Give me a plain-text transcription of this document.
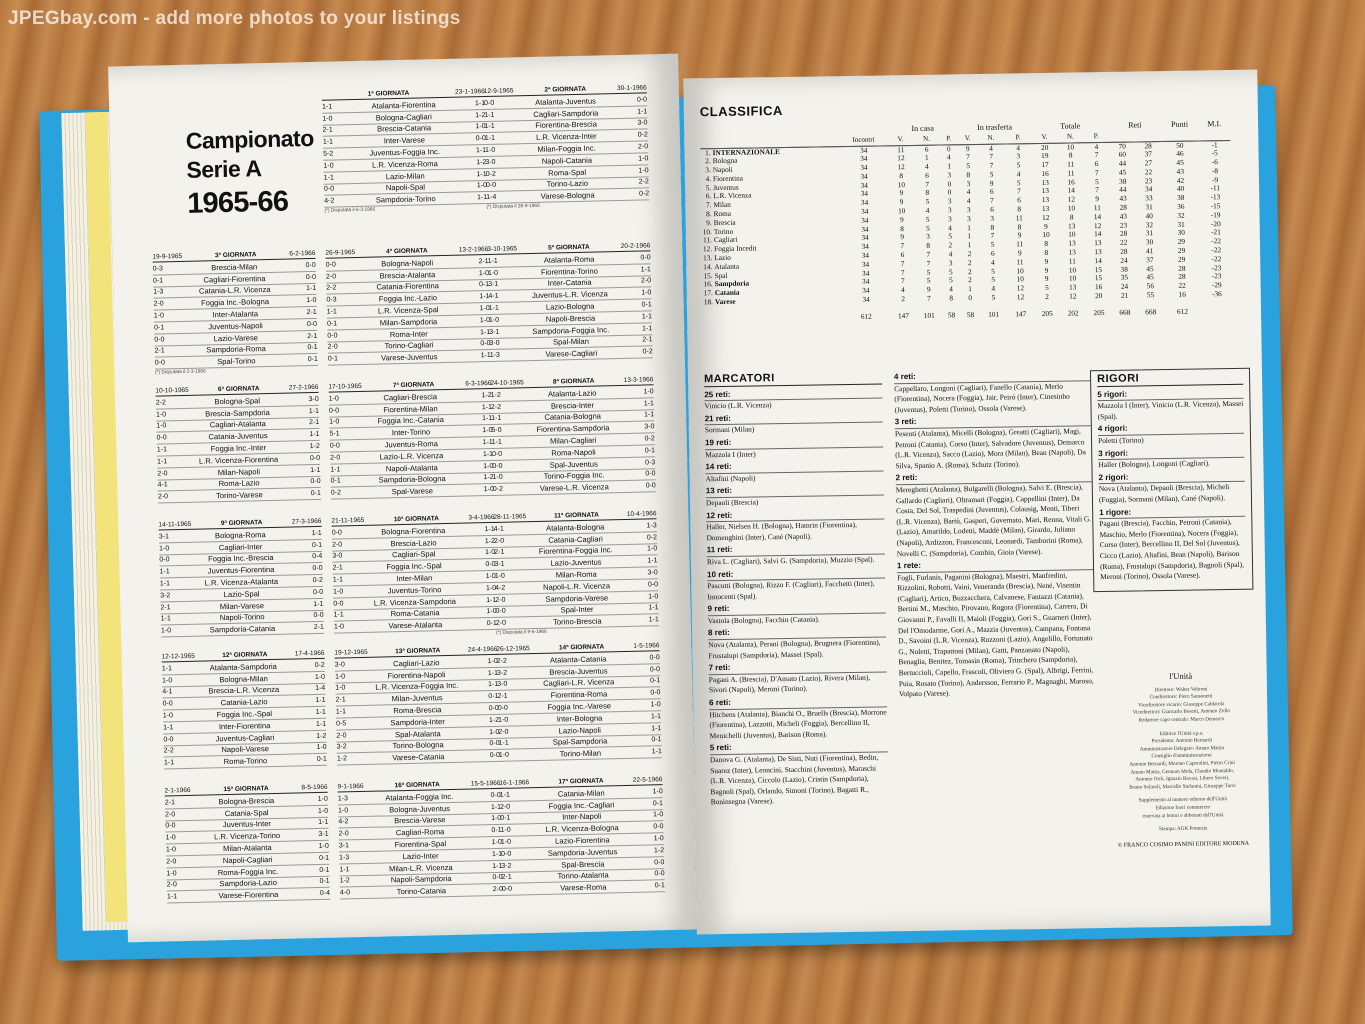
JPEGbay.com - add more photos to your listings
Campionato
Serie A
1965-66
1ª GIORNATA	23-1-1966
1-1	Atalanta-Fiorentina	1-1
1-0	Bologna-Cagliari	1-2
2-1	Brescia-Catania	1-0
1-1	Inter-Varese	0-0
5-2	Juventus-Foggia Inc.	1-1
1-0	L.R. Vicenza-Roma	1-2
1-1	Lazio-Milan	1-1
0-0	Napoli-Spal	1-0
4-2	Sampdoria-Torino	1-1
(*) Disputata il 6-3-1966
12-9-1965	2ª GIORNATA	30-1-1966
0-0	Atalanta-Juventus	0-0
1-1	Cagliari-Sampdoria	1-1
1-1	Fiorentina-Brescia	3-0
1-1	L.R. Vicenza-Inter	0-2
1-0	Milan-Foggia Inc.	2-0
3-0	Napoli-Catania	1-0
0-2	Roma-Spal	1-0
0-0	Torino-Lazio	2-2
1-4	Varese-Bologna	0-2
(*) Disputata il 28-9-1966
19-9-1965	3ª GIORNATA	6-2-1966
0-3	Brescia-Milan	0-0
0-1	Cagliari-Fiorentina	0-0
1-3	Catania-L.R. Vicenza	1-1
2-0	Foggia Inc.-Bologna	1-0
1-0	Inter-Atalanta	2-1
0-1	Juventus-Napoli	0-0
0-0	Lazio-Varese	2-1
2-1	Sampdoria-Roma	0-1
0-0	Spal-Torino	0-1
(*) Disputata il 2-3-1966
26-9-1965	4ª GIORNATA	13-2-1966
0-0	Bologna-Napoli	2-1
2-0	Brescia-Atalanta	1-0
2-2	Catania-Fiorentina	0-1
0-3	Foggia Inc.-Lazio	1-1
1-1	L.R. Vicenza-Spal	1-0
0-1	Milan-Sampdoria	1-0
0-0	Roma-Inter	1-1
2-0	Torino-Cagliari	0-0
0-1	Varese-Juventus	1-1
3-10-1965	5ª GIORNATA	20-2-1966
1-1	Atalanta-Roma	0-0
1-0	Fiorentina-Torino	1-1
3-1	Inter-Catania	2-0
4-1	Juventus-L.R. Vicenza	1-0
1-1	Lazio-Bologna	0-1
1-0	Napoli-Brescia	1-1
3-1	Sampdoria-Foggia Inc.	1-1
3-0	Spal-Milan	2-1
1-3	Varese-Cagliari	0-2
10-10-1965	6ª GIORNATA	27-2-1966
2-2	Bologna-Spal	3-0
1-0	Brescia-Sampdoria	1-1
1-0	Cagliari-Atalanta	2-1
0-0	Catania-Juventus	1-1
1-1	Foggia Inc.-Inter	1-2
1-1	L.R. Vicenza-Fiorentina	0-0
2-0	Milan-Napoli	1-1
4-1	Roma-Lazio	0-0
2-0	Torino-Varese	0-1
17-10-1965	7ª GIORNATA	6-3-1966
1-0	Cagliari-Brescia	1-2
0-0	Fiorentina-Milan	1-1
1-0	Foggia Inc.-Catania	1-1
5-1	Inter-Torino	1-0
0-0	Juventus-Roma	1-1
2-0	Lazio-L.R. Vicenza	1-1
1-1	Napoli-Atalanta	1-0
0-1	Sampdoria-Bologna	1-2
0-2	Spal-Varese	1-0
24-10-1965	8ª GIORNATA	13-3-1966
1-2	Atalanta-Lazio	1-0
2-2	Brescia-Inter	1-1
1-1	Catania-Bologna	1-1
5-0	Fiorentina-Sampdoria	3-0
1-1	Milan-Cagliari	0-2
0-0	Roma-Napoli	0-1
0-0	Spal-Juventus	0-3
1-0	Torino-Foggia Inc.	0-0
0-2	Varese-L.R. Vicenza	0-0
14-11-1965	9ª GIORNATA	27-3-1966
3-1	Bologna-Roma	1-1
1-0	Cagliari-Inter	0-1
0-0	Foggia Inc.-Brescia	0-4
1-1	Juventus-Fiorentina	0-0
1-1	L.R. Vicenza-Atalanta	0-2
3-2	Lazio-Spal	0-0
2-1	Milan-Varese	1-1
1-1	Napoli-Torino	0-0
1-0	Sampdoria-Catania	2-1
21-11-1965	10ª GIORNATA	3-4-1966
0-0	Bologna-Fiorentina	1-1
2-0	Brescia-Lazio	1-2
3-0	Cagliari-Spal	1-0
2-1	Foggia Inc.-Spal	0-0
1-1	Inter-Milan	1-0
1-0	Juventus-Torino	1-0
0-0	L.R. Vicenza-Sampdoria	1-1
1-1	Roma-Catania	1-0
1-0	Varese-Atalanta	0-1
28-11-1965	11ª GIORNATA	10-4-1966
4-1	Atalanta-Bologna	1-3
2-0	Catania-Cagliari	0-2
2-1	Fiorentina-Foggia Inc.	1-0
3-1	Lazio-Juventus	1-1
1-0	Milan-Roma	3-0
4-2	Napoli-L.R. Vicenza	0-0
2-0	Sampdoria-Varese	1-0
0-0	Spal-Inter	1-1
2-0	Torino-Brescia	1-1
(*) Disputata il 9-6-1966
12-12-1965	12ª GIORNATA	17-4-1966
1-1	Atalanta-Sampdoria	0-2
1-0	Bologna-Milan	1-0
4-1	Brescia-L.R. Vicenza	1-4
0-0	Catania-Lazio	1-1
1-0	Foggia Inc.-Spal	1-1
1-1	Inter-Fiorentina	1-1
0-0	Juventus-Cagliari	1-2
2-2	Napoli-Varese	1-0
1-1	Roma-Torino	0-1
19-12-1965	13ª GIORNATA	24-4-1966
3-0	Cagliari-Lazio	1-0
1-0	Fiorentina-Napoli	1-1
1-0	L.R. Vicenza-Foggia Inc.	1-1
2-1	Milan-Juventus	0-1
1-1	Roma-Brescia	0-0
0-5	Sampdoria-Inter	1-2
2-0	Spal-Atalanta	1-0
3-2	Torino-Bologna	0-0
1-2	Varese-Catania	0-0
26-12-1965	14ª GIORNATA	1-5-1966
2-2	Atalanta-Catania	0-0
3-2	Brescia-Juventus	0-0
3-0	Cagliari-L.R. Vicenza	0-1
2-1	Fiorentina-Roma	0-0
0-0	Foggia Inc.-Varese	1-0
1-0	Inter-Bologna	1-1
2-0	Lazio-Napoli	1-1
1-1	Spal-Sampdoria	0-1
1-0	Torino-Milan	1-1
2-1-1966	15ª GIORNATA	8-5-1966
2-1	Bologna-Brescia	1-0
2-0	Catania-Spal	1-0
0-0	Juventus-Inter	1-1
1-0	L.R. Vicenza-Torino	3-1
1-0	Milan-Atalanta	1-0
2-0	Napoli-Cagliari	0-1
1-0	Roma-Foggia Inc.	0-1
2-0	Sampdoria-Lazio	0-1
1-1	Varese-Fiorentina	0-4
9-1-1966	16ª GIORNATA	15-5-1966
1-3	Atalanta-Foggia Inc.	0-0
1-0	Bologna-Juventus	1-1
4-2	Brescia-Varese	1-0
2-0	Cagliari-Roma	0-1
3-1	Fiorentina-Spal	1-0
1-3	Lazio-Inter	1-1
1-1	Milan-L.R. Vicenza	1-1
1-2	Napoli-Sampdoria	0-0
4-0	Torino-Catania	2-0
16-1-1966	17ª GIORNATA	22-5-1966
1-1	Catania-Milan	1-0
2-0	Foggia Inc.-Cagliari	0-1
0-1	Inter-Napoli	1-0
1-0	L.R. Vicenza-Bologna	0-0
1-0	Lazio-Fiorentina	1-0
0-0	Sampdoria-Juventus	1-2
3-2	Spal-Brescia	0-0
2-1	Torino-Atalanta	0-0
0-0	Varese-Roma	0-1
CLASSIFICA
			In casa			In trasferta			Totale			Reti		Punti	M.I.
		Incontri	V.	N.	P.	V.	N.	P.	V.	N.	P.				
1.	INTERNAZIONALE	34	11	6	0	9	4	4	20	10	4	70	28	50	-1
2.	Bologna	34	12	1	4	7	7	3	19	8	7	60	37	46	-5
3.	Napoli	34	12	4	1	5	7	5	17	11	6	44	27	45	-6
4.	Fiorentina	34	8	6	3	8	5	4	16	11	7	45	22	43	-8
5.	Juventus	34	10	7	0	3	9	5	13	16	5	38	23	42	-9
6.	L.R. Vicenza	34	9	8	0	4	6	7	13	14	7	44	34	40	-11
7.	Milan	34	9	5	3	4	7	6	13	12	9	43	33	38	-13
8.	Roma	34	10	4	3	3	6	8	13	10	11	28	31	36	-15
9.	Brescia	34	9	5	3	3	3	11	12	8	14	43	40	32	-19
10.	Torino	34	8	5	4	1	8	8	9	13	12	23	32	31	-20
11.	Cagliari	34	9	3	5	1	7	9	10	10	14	28	31	30	-21
12.	Foggia Incedit	34	7	8	2	1	5	11	8	13	13	22	30	29	-22
13.	Lazio	34	6	7	4	2	6	9	8	13	13	28	41	29	-22
14.	Atalanta	34	7	7	3	2	4	11	9	11	14	24	37	29	-22
15.	Spal	34	7	5	5	2	5	10	9	10	15	38	45	28	-23
16.	Sampdoria	34	7	5	5	2	5	10	9	10	15	35	45	28	-23
17.	Catania	34	4	9	4	1	4	12	5	13	16	24	56	22	-29
18.	Varese	34	2	7	8	0	5	12	2	12	20	21	55	16	-36
		612	147	101	58	58	101	147	205	202	205	668	668	612	
MARCATORI
25 reti:
Vinicio (L.R. Vicenza)
21 reti:
Sormani (Milan)
19 reti:
Mazzola I (Inter)
14 reti:
Altafini (Napoli)
13 reti:
Depaoli (Brescia)
12 reti:
Haller, Nielsen H. (Bologna), Hamrin (Fiorentina), Domenghini (Inter), Cané (Napoli).
11 reti:
Riva L. (Cagliari), Salvi G. (Sampdoria), Muzzio (Spal).
10 reti:
Pascutti (Bologna), Rizzo F. (Cagliari), Facchetti (Inter), Innocenti (Spal).
9 reti:
Vastola (Bologna), Facchin (Catania).
8 reti:
Nova (Atalanta), Perani (Bologna), Brugnera (Fiorentina), Frustalupi (Sampdoria), Massei (Spal).
7 reti:
Pagani A. (Brescia), D'Amato (Lazio), Rivera (Milan), Sivori (Napoli), Meroni (Torino).
6 reti:
Hitchens (Atalanta), Bianchi O., Bruells (Brescia), Morrone (Fiorentina), Lazzotti, Micheli (Foggia), Bercellino II, Menichelli (Juventus), Barison (Roma).
5 reti:
Danova G. (Atalanta), De Sisti, Nuti (Fiorentina), Bedin, Suarez (Inter), Leoncini, Stacchini (Juventus), Maraschi (L.R. Vicenza), Ciccolo (Lazio), Cristin (Sampdoria), Bagnoli (Spal), Orlando, Simoni (Torino), Bagatti R., Boninsegna (Varese).
4 reti:
Cappellaro, Longoni (Cagliari), Fanello (Catania), Merlo (Fiorentina), Nocera (Foggia), Jair, Peiró (Inter), Cinesinho (Juventus), Poletti (Torino), Ossola (Varese).
3 reti:
Pesenti (Atalanta), Micelli (Bologna), Greatti (Cagliari), Magi, Petroni (Catania), Corso (Inter), Salvadore (Juventus), Demarco (L.R. Vicenza), Sacco (Lazio), Mora (Milan), Bean (Napoli), Da Silva, Spanio A. (Roma), Schutz (Torino).
2 reti:
Mereghetti (Atalanta), Bulgarelli (Bologna), Salvi E. (Brescia), Gallardo (Cagliari), Oltramari (Foggia), Cappellini (Inter), Da Costa, Del Sol, Traspedini (Juventus), Colausig, Menti, Tiberi (L.R. Vicenza), Bartù, Gasperi, Governato, Mari, Renna, Vitali G. (Lazio), Amarildo, Lodetti, Maddè (Milan), Girardo, Juliano (Napoli), Ardizzon, Francesconi, Leonardi, Tamborini (Roma), Novelli C. (Sampdoria), Combin, Gioia (Varese).
1 rete:
Fogli, Furlanis, Paganini (Bologna), Maestri, Manfredini, Rizzolini, Robotti, Vaini, Veneranda (Brescia), Nené, Visentin (Cagliari), Artico, Buzzacchera, Calvanese, Fantazzi (Catania), Bertini M., Maschio, Pirovano, Rogora (Fiorentina), Carrera, Di Giovanni P., Favalli II, Maioli (Foggia), Gori S., Guarneri (Inter), Del l'Omodarme, Gori A., Mazzia (Juventus), Campana, Fontana D., Savoini (L.R. Vicenza), Rozzoni (Lazio), Angelillo, Fortunato G., Noletti, Trapattoni (Milan), Gatti, Panzanato (Napoli), Benaglia, Benitez, Tomasin (Roma), Trinchero (Sampdoria), Bertuccioli, Capello, Frascoli, Oliviero G. (Spal), Albrigi, Ferrini, Puia, Rosato (Torino), Andersson, Ferrario P., Magnaghi, Maroso, Volpato (Varese).
RIGORI
5 rigori:
Mazzola I (Inter), Vinicio (L.R. Vicenza), Massei (Spal).
4 rigori:
Poletti (Torino)
3 rigori:
Haller (Bologna), Longoni (Cagliari).
2 rigori:
Nova (Atalanta), Depaoli (Brescia), Micheli (Foggia), Sormani (Milan), Cané (Napoli).
1 rigore:
Pagani (Brescia), Facchin, Petroni (Catania), Maschio, Merlo (Fiorentina), Nocera (Foggia), Corso (Inter), Bercellino II, Del Sol (Juventus), Cicco (Lazio), Altafini, Bean (Napoli), Barison (Roma), Frustalupi (Sampdoria), Bagnoli (Spal), Meroni (Torino), Ossola (Varese).
l'Unità
Direttore: Walter Veltroni
Condirettore: Piero Sansonetti
Vicedirettore vicario: Giuseppe Caldarola
Vicedirettori: Giancarlo Bosetti, Antonio Zollo
Redattore capo centrale: Marco Demarco
Editrice l'Unità s.p.a.
Presidente: Antonio Bernardi
Amministratore Delegato: Amato Mattia
Consiglio d'amministrazione:
Antonio Bernardi, Moreno Caporalini, Pietro Crini
Amato Mattia, Gennaro Mola, Claudio Montaldo,
Antonio Orrù, Ignazio Ravasi, Libero Severi,
Bruno Solaroli, Marcello Stefanini, Giuseppe Turci
Supplemento al numero odierno dell'Unità
Edizione fuori commercio
riservata ai lettori e abbonati dell'Unità
Stampa: AGK Pomezia
© FRANCO COSIMO PANINI EDITORE MODENA
